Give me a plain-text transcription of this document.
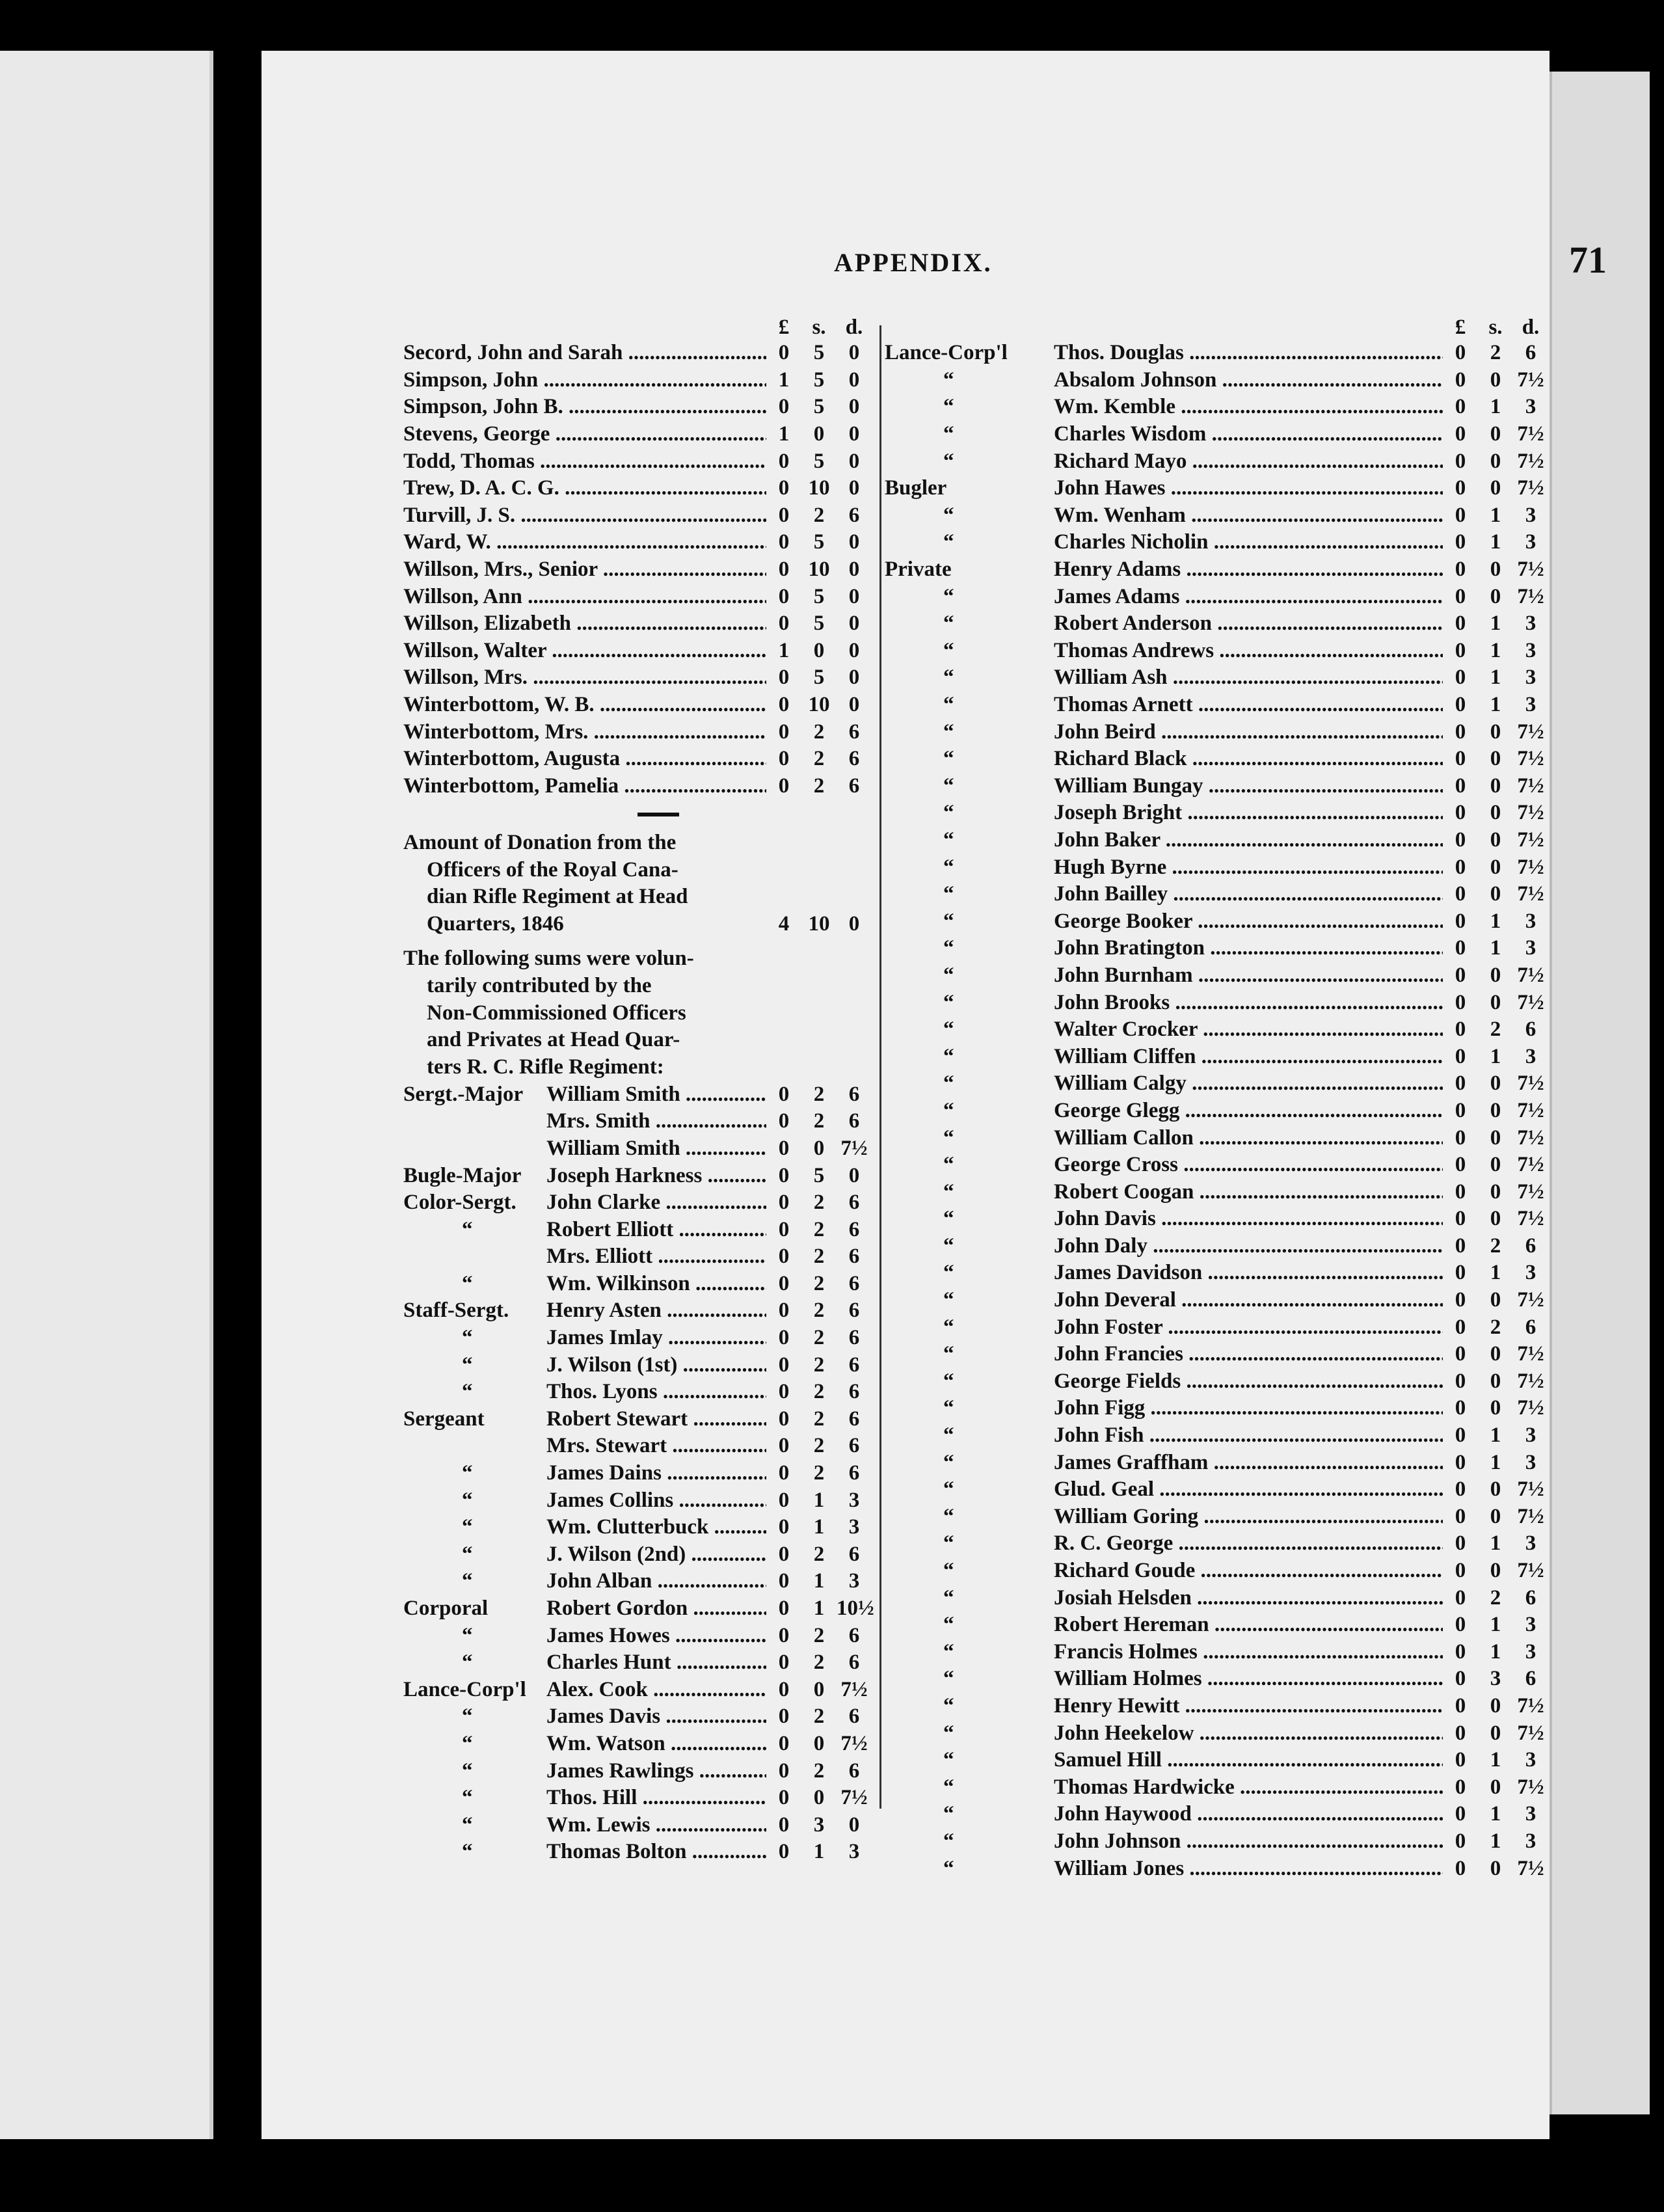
APPENDIX.	71
£	s. d.
Secord, John and Sarah .....	0	5	0
Simpson, John .....	1	5	0
Simpson, John B. .....	0	5	0
Stevens, George .....	1	0	0
Todd, Thomas .....	0	5	0
Trew, D. A. C. G. .....	0 10 0
Turvill, J. S. .....	0	2	6
Ward, W. .....	0	5	0
Willson, Mrs., Senior .....	0 10 0
Willson, Ann .....	0	5	0
Willson, Elizabeth .....	0	5	0
Willson, Walter .....	1	0	0
Willson, Mrs. .....	0	5	0
Winterbottom, W. B. .....	0 10 0
Winterbottom, Mrs. .....	0	2	6
Winterbottom, Augusta .....	0	2	6
Winterbottom, Pamelia .....	0	2	6
Amount of Donation from the
Officers of the Royal Cana-
dian Rifle Regiment at Head
Quarters, 1846	4 10 0
The following sums were volun-
tarily contributed by the
Non-Commissioned Officers
and Privates at Head Quar-
ters R. C. Rifle Regiment:
Sergt.-Major	William Smith .....	0	2	6
Mrs. Smith .....	0	2	6
William Smith .....	0	0 7½
Bugle-Major	Joseph Harkness .....	0	5	0
Color-Sergt.	John Clarke .....	0	2	6
“	Robert Elliott .....	0	2	6
Mrs. Elliott .....	0	2	6
“	Wm. Wilkinson .....	0	2	6
Staff-Sergt.	Henry Asten .....	0	2	6
“	James Imlay .....	0	2	6
“	J. Wilson (1st) .....	0	2	6
“	Thos. Lyons .....	0	2	6
Sergeant	Robert Stewart .....	0	2	6
Mrs. Stewart .....	0	2	6
“	James Dains .....	0	2	6
“	James Collins .....	0	1	3
“	Wm. Clutterbuck .....	0	1	3
“	J. Wilson (2nd) .....	0	2	6
“	John Alban .....	0	1	3
Corporal	Robert Gordon .....	0	1 10½
“	James Howes .....	0	2	6
“	Charles Hunt .....	0	2	6
Lance-Corp'l Alex. Cook .....	0	0 7½
“	James Davis .....	0	2	6
“	Wm. Watson .....	0	0 7½
“	James Rawlings .....	0	2	6
“	Thos. Hill .....	0	0 7½
“	Wm. Lewis .....	0	3	0
“	Thomas Bolton .....	0	1	3
£	s. d.
Lance-Corp'l	Thos. Douglas .....	0	2	6
“	Absalom Johnson .....	0	0 7½
“	Wm. Kemble .....	0	1	3
“	Charles Wisdom .....	0	0 7½
“	Richard Mayo .....	0	0 7½
Bugler	John Hawes .....	0	0 7½
“	Wm. Wenham .....	0	1	3
“	Charles Nicholin .....	0	1	3
Private	Henry Adams .....	0	0 7½
“	James Adams .....	0	0 7½
“	Robert Anderson .....	0	1	3
“	Thomas Andrews .....	0	1	3
“	William Ash .....	0	1	3
“	Thomas Arnett .....	0	1	3
“	John Beird .....	0	0 7½
“	Richard Black .....	0	0 7½
“	William Bungay .....	0	0 7½
“	Joseph Bright .....	0	0 7½
“	John Baker .....	0	0 7½
“	Hugh Byrne .....	0	0 7½
“	John Bailley .....	0	0 7½
“	George Booker .....	0	1	3
“	John Bratington .....	0	1	3
“	John Burnham .....	0	0 7½
“	John Brooks .....	0	0 7½
“	Walter Crocker .....	0	2	6
“	William Cliffen .....	0	1	3
“	William Calgy .....	0	0 7½
“	George Glegg .....	0	0 7½
“	William Callon .....	0	0 7½
“	George Cross .....	0	0 7½
“	Robert Coogan .....	0	0 7½
“	John Davis .....	0	0 7½
“	John Daly .....	0	2	6
“	James Davidson .....	0	1	3
“	John Deveral .....	0	0 7½
“	John Foster .....	0	2	6
“	John Francies .....	0	0 7½
“	George Fields .....	0	0 7½
“	John Figg .....	0	0 7½
“	John Fish .....	0	1	3
“	James Graffham .....	0	1	3
“	Glud. Geal .....	0	0 7½
“	William Goring .....	0	0 7½
“	R. C. George .....	0	1	3
“	Richard Goude .....	0	0 7½
“	Josiah Helsden .....	0	2	6
“	Robert Hereman .....	0	1	3
“	Francis Holmes .....	0	1	3
“	William Holmes .....	0	3	6
“	Henry Hewitt .....	0	0 7½
“	John Heekelow .....	0	0 7½
“	Samuel Hill .....	0	1	3
“	Thomas Hardwicke .....	0	0 7½
“	John Haywood .....	0	1	3
“	John Johnson .....	0	1	3
“	William Jones .....	0	0 7½
